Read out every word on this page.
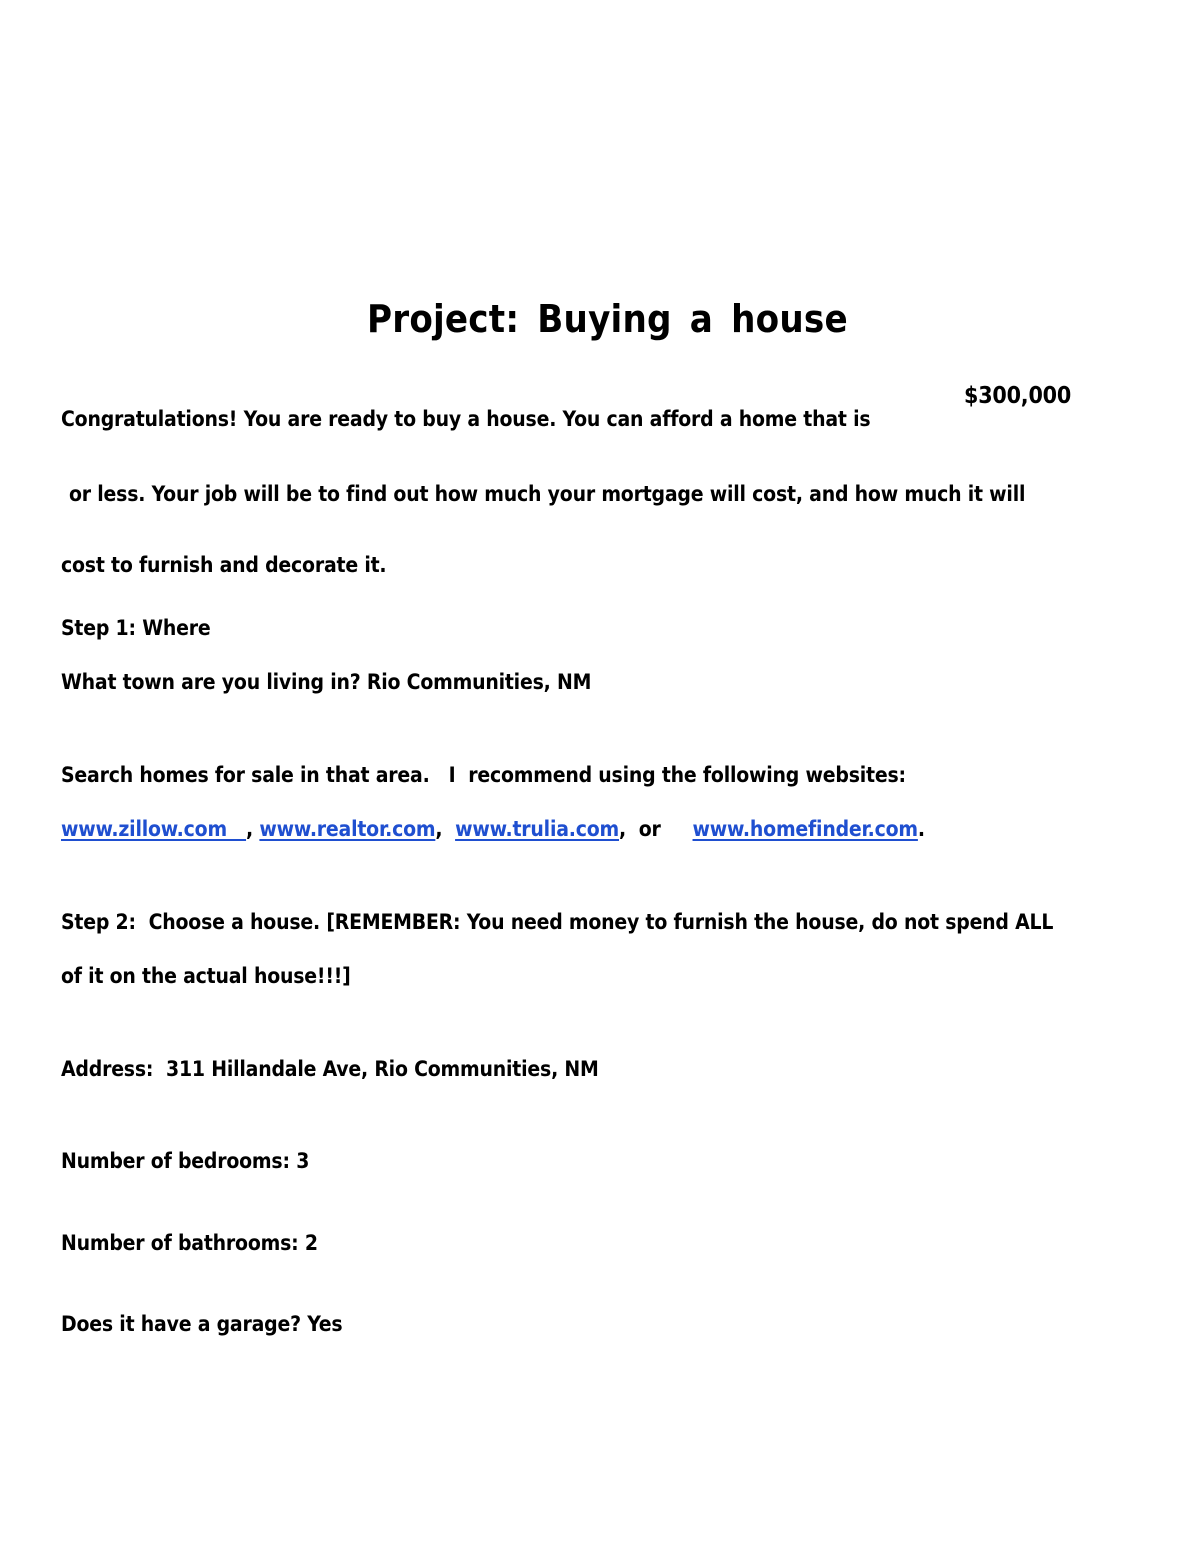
Project: Buying a house
$300,000
Congratulations! You are ready to buy a house. You can afford a home that is
or less. Your job will be to find out how much your mortgage will cost, and how much it will
cost to furnish and decorate it.
Step 1: Where
What town are you living in? Rio Communities, NM
Search homes for sale in that area.   I  recommend using the following websites:
www.zillow.com   , www.realtor.com,  www.trulia.com,  or     www.homefinder.com.
Step 2:  Choose a house. [REMEMBER: You need money to furnish the house, do not spend ALL
of it on the actual house!!!]
Address: 311 Hillandale Ave, Rio Communities, NM
Number of bedrooms: 3
Number of bathrooms: 2
Does it have a garage? Yes
